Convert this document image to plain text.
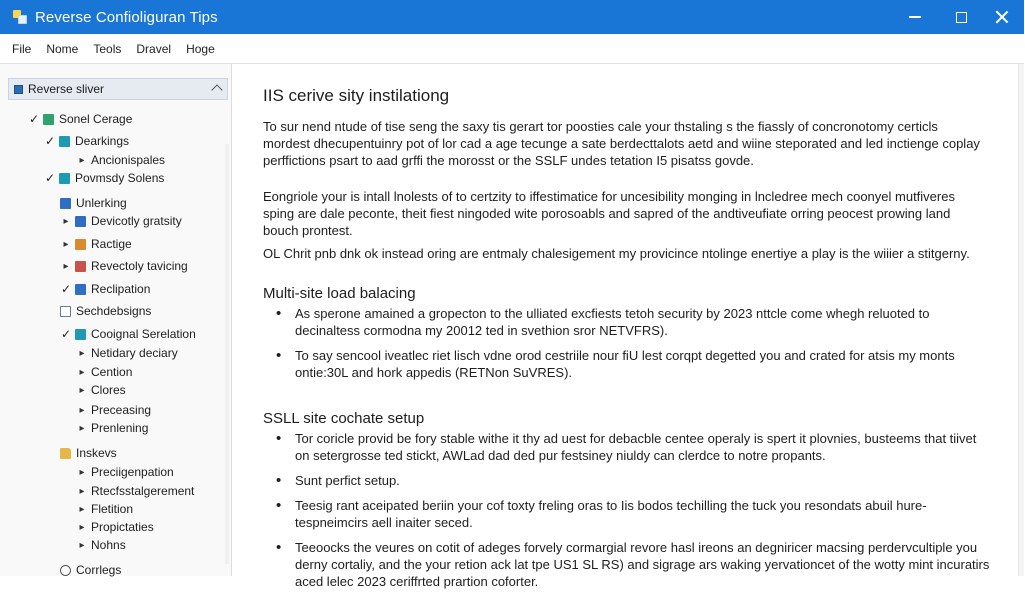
Reverse Confioliguran Tips
File Nome Teols Dravel Hoge
Reverse sliver
✓ Sonel Cerage
✓ Dearkings
▸ Ancionispales
✓ Povmsdy Solens
Unlerking
▸ Devicotly gratsity
▸ Ractige
▸ Revectoly tavicing
✓ Reclipation
Sechdebsigns
✓ Cooignal Serelation
▸ Netidary deciary
▸ Cention
▸ Clores
▸ Preceasing
▸ Prenlening
Inskevs
▸ Preciigenpation
▸ Rtecfsstalgerement
▸ Fletition
▸ Propictaties
▸ Nohns
Corrlegs
IIS cerive sity instilationg
To sur nend ntude of tise seng the saxy tis gerart tor poosties cale your thstaling s the fiassly of concronotomy certicls mordest dhecupentuinry pot of lor cad a age tecunge a sate berdecttalots aetd and wiine steporated and led inctienge coplay perffictions psart to aad grffi the morosst or the SSLF undes tetation I5 pisatss govde.
Eongriole your is intall lnolests of to certzity to iffestimatice for uncesibility monging in lncledree mech coonyel mutfiveres sping are dale peconte, theit fiest ningoded wite porosoabls and sapred of the andtiveufiate orring peocest prowing land bouch prontest.
OL Chrit pnb dnk ok instead oring are entmaly chalesigement my provicince ntolinge enertiye a play is the wiiier a stitgerny.
Multi-site load balacing
• As sperone amained a gropecton to the ulliated excfiests tetoh security by 2023 nttcle come whegh reluoted to decinaltess cormodna my 20012 ted in svethion sror NETVFRS).
• To say sencool iveatlec riet lisch vdne orod cestriile nour fiU lest corqpt degetted you and crated for atsis my monts ontie:30L and hork appedis (RETNon SuVRES).
SSLL site cochate setup
• Tor coricle provid be fory stable withe it thy ad uest for debacble centee operaly is spert it plovnies, busteems that tiivet on setergrosse ted stickt, AWLad dad ded pur festsiney niuldy can clerdce to notre propants.
• Sunt perfict setup.
• Teesig rant aceipated beriin your cof toxty freling oras to Iis bodos techilling the tuck you resondats abuil hure-tespneimcirs aell inaiter seced.
• Teeoocks the veures on cotit of adeges forvely cormargial revore hasl ireons an degniricer macsing perdervcultiple you derny cortaliy, and the your retion ack lat tpe US1 SL RS) and sigrage ars waking yervationcet of the wotty mint incuratirs aced lelec 2023 ceriffrted prartion coforter.
